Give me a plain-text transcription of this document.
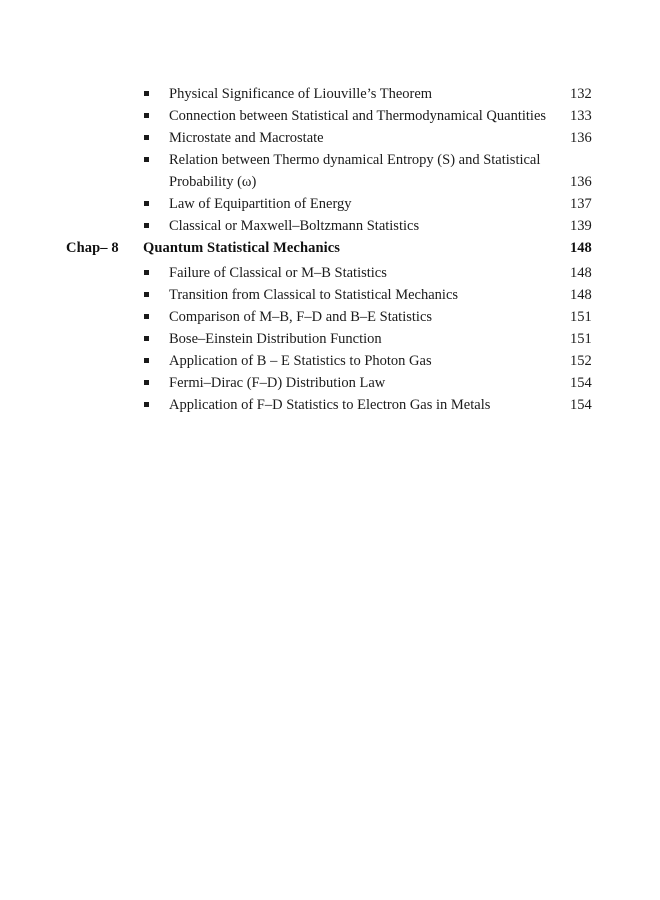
Physical Significance of Liouville’s Theorem	132
Connection between Statistical and Thermodynamical Quantities	133
Microstate and Macrostate	136
Relation between Thermo dynamical Entropy (S) and Statistical Probability (ω)	136
Law of Equipartition of Energy	137
Classical or Maxwell–Boltzmann Statistics	139
Chap– 8	Quantum Statistical Mechanics	148
Failure of Classical or M–B Statistics	148
Transition from Classical to Statistical Mechanics	148
Comparison of M–B, F–D and B–E Statistics	151
Bose–Einstein Distribution Function	151
Application of B – E Statistics to Photon Gas	152
Fermi–Dirac (F–D) Distribution Law	154
Application of F–D Statistics to Electron Gas in Metals	154
